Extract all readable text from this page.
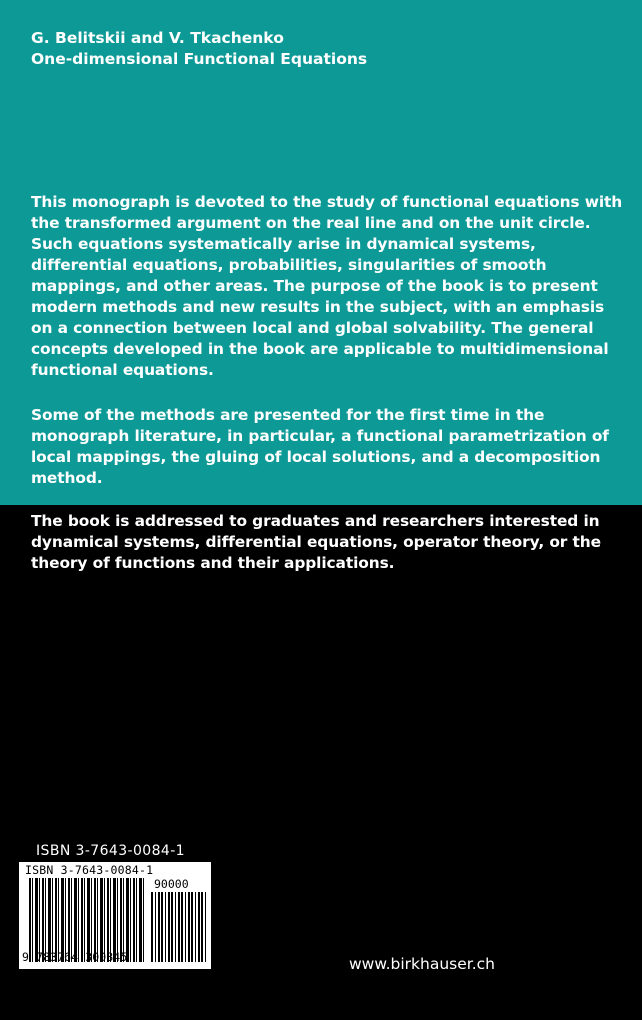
G. Belitskii and V. Tkachenko
One-dimensional Functional Equations

This monograph is devoted to the study of functional equations with
the transformed argument on the real line and on the unit circle.
Such equations systematically arise in dynamical systems,
differential equations, probabilities, singularities of smooth
mappings, and other areas. The purpose of the book is to present
modern methods and new results in the subject, with an emphasis
on a connection between local and global solvability. The general
concepts developed in the book are applicable to multidimensional
functional equations.

Some of the methods are presented for the first time in the
monograph literature, in particular, a functional parametrization of
local mappings, the gluing of local solutions, and a decomposition
method.

The book is addressed to graduates and researchers interested in
dynamical systems, differential equations, operator theory, or the
theory of functions and their applications.

ISBN 3-7643-0084-1
ISBN 3-7643-0084-1
90000
9 783764 300845	www.birkhauser.ch
